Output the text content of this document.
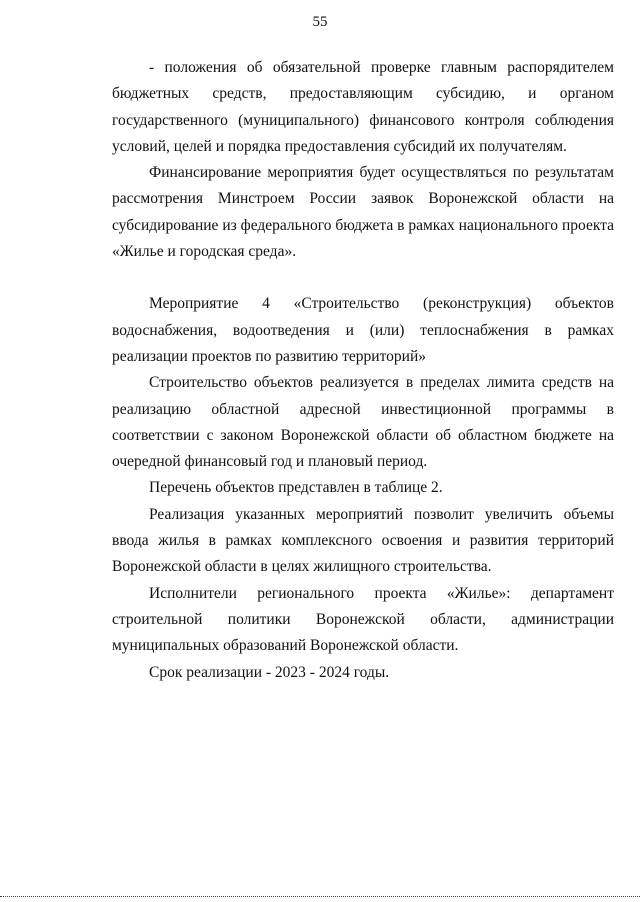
55

- положения об обязательной проверке главным распорядителем бюджетных средств, предоставляющим субсидию, и органом государственного (муниципального) финансового контроля соблюдения условий, целей и порядка предоставления субсидий их получателям.

Финансирование мероприятия будет осуществляться по результатам рассмотрения Минстроем России заявок Воронежской области на субсидирование из федерального бюджета в рамках национального проекта «Жилье и городская среда».

Мероприятие 4 «Строительство (реконструкция) объектов водоснабжения, водоотведения и (или) теплоснабжения в рамках реализации проектов по развитию территорий»

Строительство объектов реализуется в пределах лимита средств на реализацию областной адресной инвестиционной программы в соответствии с законом Воронежской области об областном бюджете на очередной финансовый год и плановый период.

Перечень объектов представлен в таблице 2.

Реализация указанных мероприятий позволит увеличить объемы ввода жилья в рамках комплексного освоения и развития территорий Воронежской области в целях жилищного строительства.

Исполнители регионального проекта «Жилье»: департамент строительной политики Воронежской области, администрации муниципальных образований Воронежской области.

Срок реализации - 2023 - 2024 годы.
